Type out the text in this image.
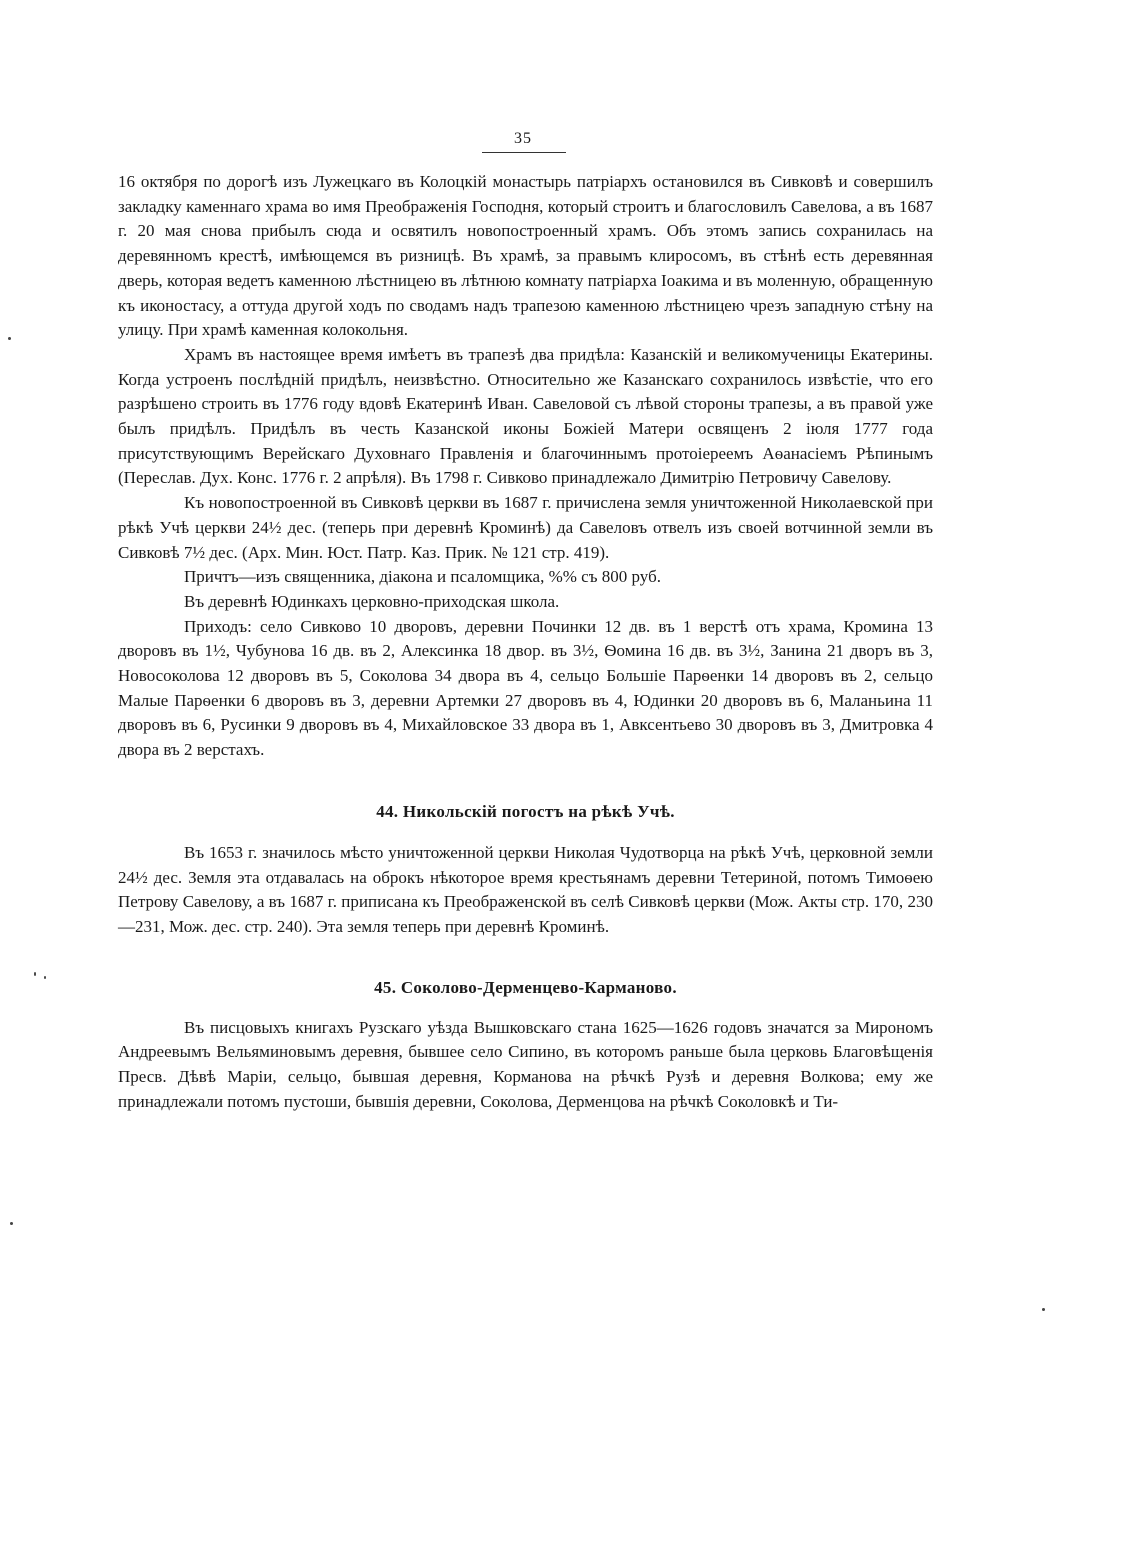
35

16 октября по дорогѣ изъ Лужецкаго въ Колоцкій монастырь патріархъ остановился въ Сивковѣ и совершилъ закладку каменнаго храма во имя Преображенія Господня, который строитъ и благословилъ Савелова, а въ 1687 г. 20 мая снова прибылъ сюда и освятилъ новопостроенный храмъ. Объ этомъ запись сохранилась на деревянномъ крестѣ, имѣющемся въ ризницѣ. Въ храмѣ, за правымъ клиросомъ, въ стѣнѣ есть деревянная дверь, которая ведетъ каменною лѣстницею въ лѣтнюю комнату патріарха Іоакима и въ моленную, обращенную къ иконостасу, а оттуда другой ходъ по сводамъ надъ трапезою каменною лѣстницею чрезъ западную стѣну на улицу. При храмѣ каменная колокольня.

Храмъ въ настоящее время имѣетъ въ трапезѣ два придѣла: Казанскій и великомученицы Екатерины. Когда устроенъ послѣдній придѣлъ, неизвѣстно. Относительно же Казанскаго сохранилось извѣстіе, что его разрѣшено строить въ 1776 году вдовѣ Екатеринѣ Иван. Савеловой съ лѣвой стороны трапезы, а въ правой уже былъ придѣлъ. Придѣлъ въ честь Казанской иконы Божіей Матери освященъ 2 іюля 1777 года присутствующимъ Верейскаго Духовнаго Правленія и благочиннымъ протоіереемъ Аѳанасіемъ Рѣпинымъ (Переслав. Дух. Конс. 1776 г. 2 апрѣля). Въ 1798 г. Сивково принадлежало Димитрію Петровичу Савелову.

Къ новопостроенной въ Сивковѣ церкви въ 1687 г. причислена земля уничтоженной Николаевской при рѣкѣ Учѣ церкви 24½ дес. (теперь при деревнѣ Кроминѣ) да Савеловъ отвелъ изъ своей вотчинной земли въ Сивковѣ 7½ дес. (Арх. Мин. Юст. Патр. Каз. Прик. № 121 стр. 419).

Причтъ—изъ священника, діакона и псаломщика, %% съ 800 руб.

Въ деревнѣ Юдинкахъ церковно-приходская школа.

Приходъ: село Сивково 10 дворовъ, деревни Починки 12 дв. въ 1 верстѣ отъ храма, Кромина 13 дворовъ въ 1½, Чубунова 16 дв. въ 2, Алексинка 18 двор. въ 3½, Ѳомина 16 дв. въ 3½, Занина 21 дворъ въ 3, Новосоколова 12 дворовъ въ 5, Соколова 34 двора въ 4, сельцо Большіе Парѳенки 14 дворовъ въ 2, сельцо Малые Парѳенки 6 дворовъ въ 3, деревни Артемки 27 дворовъ въ 4, Юдинки 20 дворовъ въ 6, Маланьина 11 дворовъ въ 6, Русинки 9 дворовъ въ 4, Михайловское 33 двора въ 1, Авксентьево 30 дворовъ въ 3, Дмитровка 4 двора въ 2 верстахъ.

44. Никольскій погостъ на рѣкѣ Учѣ.

Въ 1653 г. значилось мѣсто уничтоженной церкви Николая Чудотворца на рѣкѣ Учѣ, церковной земли 24½ дес. Земля эта отдавалась на оброкъ нѣкоторое время крестьянамъ деревни Тетериной, потомъ Тимоѳею Петрову Савелову, а въ 1687 г. приписана къ Преображенской въ селѣ Сивковѣ церкви (Мож. Акты стр. 170, 230—231, Мож. дес. стр. 240). Эта земля теперь при деревнѣ Кроминѣ.

45. Соколово-Дерменцево-Карманово.

Въ писцовыхъ книгахъ Рузскаго уѣзда Вышковскаго стана 1625—1626 годовъ значатся за Мирономъ Андреевымъ Вельяминовымъ деревня, бывшее село Сипино, въ которомъ раньше была церковь Благовѣщенія Пресв. Дѣвѣ Маріи, сельцо, бывшая деревня, Корманова на рѣчкѣ Рузѣ и деревня Волкова; ему же принадлежали потомъ пустоши, бывшія деревни, Соколова, Дерменцова на рѣчкѣ Соколовкѣ и Ти-
